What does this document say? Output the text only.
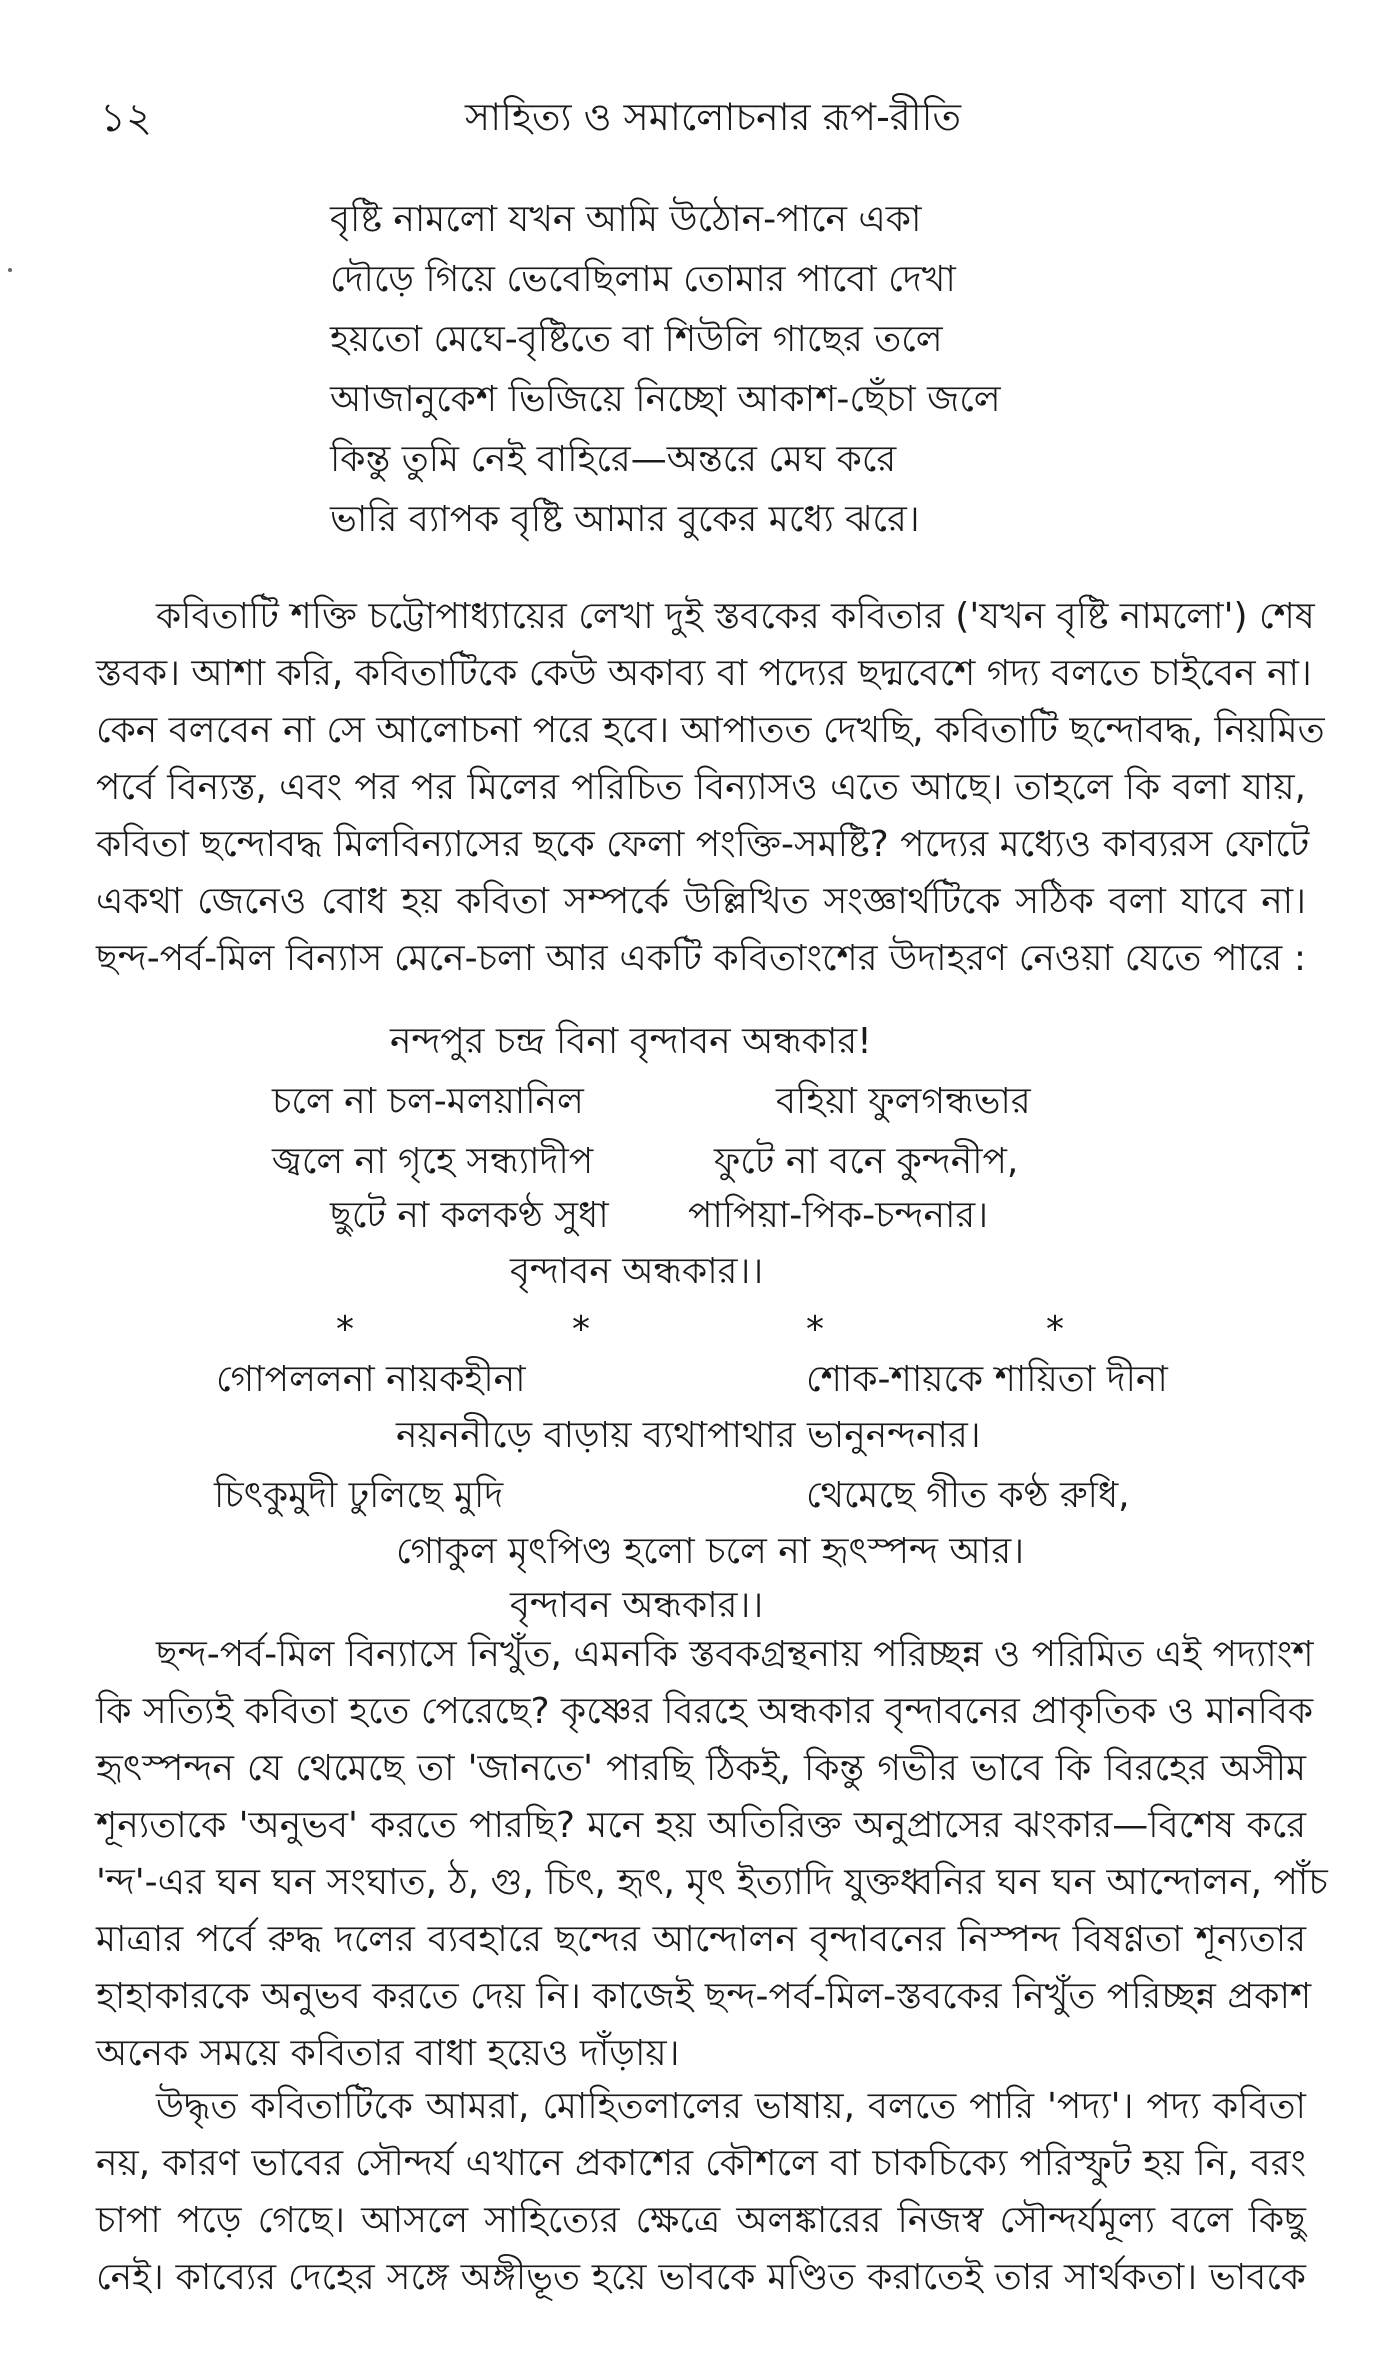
১২	সাহিত্য ও সমালোচনার রূপ-রীতি
বৃষ্টি নামলো যখন আমি উঠোন-পানে একা
দৌড়ে গিয়ে ভেবেছিলাম তোমার পাবো দেখা
হয়তো মেঘে-বৃষ্টিতে বা শিউলি গাছের তলে
আজানুকেশ ভিজিয়ে নিচ্ছো আকাশ-ছেঁচা জলে
কিন্তু তুমি নেই বাহিরে—অন্তরে মেঘ করে
ভারি ব্যাপক বৃষ্টি আমার বুকের মধ্যে ঝরে।
কবিতাটি শক্তি চট্টোপাধ্যায়ের লেখা দুই স্তবকের কবিতার ('যখন বৃষ্টি নামলো') শেষ
স্তবক। আশা করি, কবিতাটিকে কেউ অকাব্য বা পদ্যের ছদ্মবেশে গদ্য বলতে চাইবেন না।
কেন বলবেন না সে আলোচনা পরে হবে। আপাতত দেখছি, কবিতাটি ছন্দোবদ্ধ, নিয়মিত
পর্বে বিন্যস্ত, এবং পর পর মিলের পরিচিত বিন্যাসও এতে আছে। তাহলে কি বলা যায়,
কবিতা ছন্দোবদ্ধ মিলবিন্যাসের ছকে ফেলা পংক্তি-সমষ্টি? পদ্যের মধ্যেও কাব্যরস ফোটে
একথা জেনেও বোধ হয় কবিতা সম্পর্কে উল্লিখিত সংজ্ঞার্থটিকে সঠিক বলা যাবে না।
ছন্দ-পর্ব-মিল বিন্যাস মেনে-চলা আর একটি কবিতাংশের উদাহরণ নেওয়া যেতে পারে :
নন্দপুর চন্দ্র বিনা বৃন্দাবন অন্ধকার!
চলে না চল-মলয়ানিল	বহিয়া ফুলগন্ধভার
জ্বলে না গৃহে সন্ধ্যাদীপ	ফুটে না বনে কুন্দনীপ,
ছুটে না কলকণ্ঠ সুধা পাপিয়া-পিক-চন্দনার।
বৃন্দাবন অন্ধকার।।
*	*	*	*
গোপললনা নায়কহীনা	শোক-শায়কে শায়িতা দীনা
নয়ননীড়ে বাড়ায় ব্যথাপাথার ভানুনন্দনার।
চিৎকুমুদী ঢুলিছে মুদি	থেমেছে গীত কণ্ঠ রুধি,
গোকুল মৃৎপিণ্ড হলো চলে না হৃৎস্পন্দ আর।
বৃন্দাবন অন্ধকার।।
ছন্দ-পর্ব-মিল বিন্যাসে নিখুঁত, এমনকি স্তবকগ্রন্থনায় পরিচ্ছন্ন ও পরিমিত এই পদ্যাংশ
কি সত্যিই কবিতা হতে পেরেছে? কৃষ্ণের বিরহে অন্ধকার বৃন্দাবনের প্রাকৃতিক ও মানবিক
হৃৎস্পন্দন যে থেমেছে তা 'জানতে' পারছি ঠিকই, কিন্তু গভীর ভাবে কি বিরহের অসীম
শূন্যতাকে 'অনুভব' করতে পারছি? মনে হয় অতিরিক্ত অনুপ্রাসের ঝংকার—বিশেষ করে
'ন্দ'-এর ঘন ঘন সংঘাত, ঠ, গু, চিৎ, হৃৎ, মৃৎ ইত্যাদি যুক্তধ্বনির ঘন ঘন আন্দোলন, পাঁচ
মাত্রার পর্বে রুদ্ধ দলের ব্যবহারে ছন্দের আন্দোলন বৃন্দাবনের নিস্পন্দ বিষণ্ণতা শূন্যতার
হাহাকারকে অনুভব করতে দেয় নি। কাজেই ছন্দ-পর্ব-মিল-স্তবকের নিখুঁত পরিচ্ছন্ন প্রকাশ
অনেক সময়ে কবিতার বাধা হয়েও দাঁড়ায়।
উদ্ধৃত কবিতাটিকে আমরা, মোহিতলালের ভাষায়, বলতে পারি 'পদ্য'। পদ্য কবিতা
নয়, কারণ ভাবের সৌন্দর্য এখানে প্রকাশের কৌশলে বা চাকচিক্যে পরিস্ফুট হয় নি, বরং
চাপা পড়ে গেছে। আসলে সাহিত্যের ক্ষেত্রে অলঙ্কারের নিজস্ব সৌন্দর্যমূল্য বলে কিছু
নেই। কাব্যের দেহের সঙ্গে অঙ্গীভূত হয়ে ভাবকে মণ্ডিত করাতেই তার সার্থকতা। ভাবকে
